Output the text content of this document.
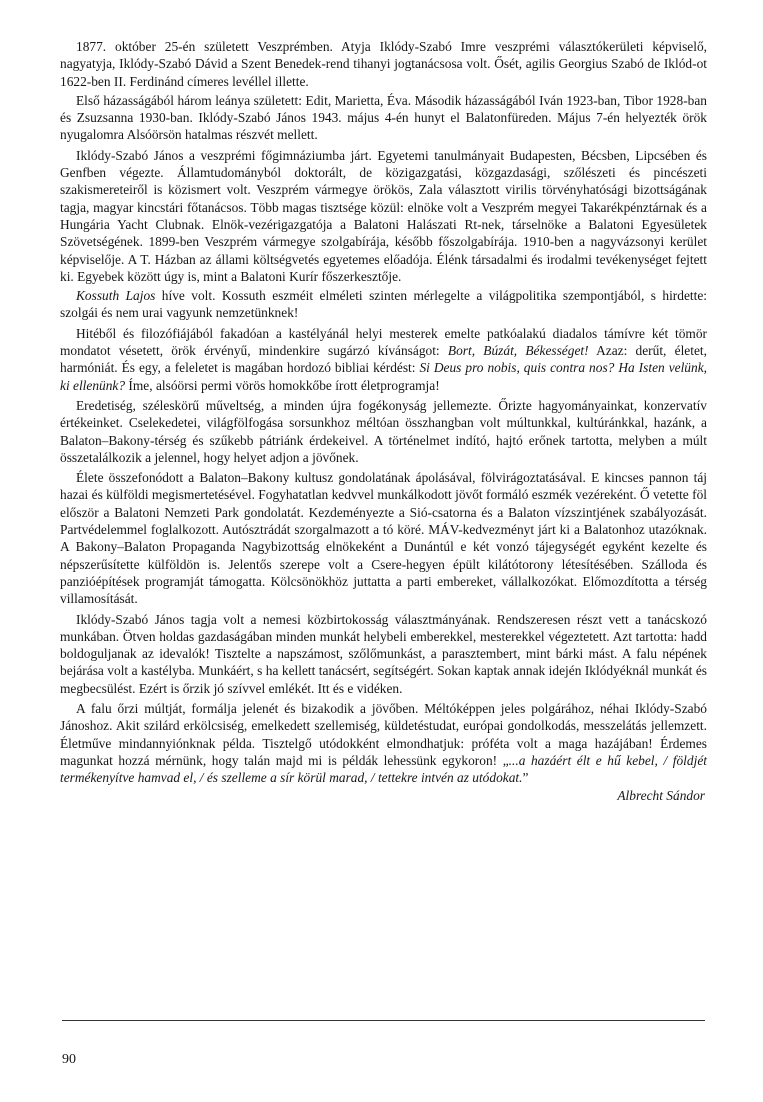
1877. október 25-én született Veszprémben. Atyja Iklódy-Szabó Imre veszprémi választókerületi képviselő, nagyatyja, Iklódy-Szabó Dávid a Szent Benedek-rend tihanyi jogtanácsosa volt. Ősét, agilis Georgius Szabó de Iklód-ot 1622-ben II. Ferdinánd címeres levéllel illette.

Első házasságából három leánya született: Edit, Marietta, Éva. Második házasságából Iván 1923-ban, Tibor 1928-ban és Zsuzsanna 1930-ban. Iklódy-Szabó János 1943. május 4-én hunyt el Balatonfüreden. Május 7-én helyezték örök nyugalomra Alsóörsön hatalmas részvét mellett.

Iklódy-Szabó János a veszprémi főgimnáziumba járt. Egyetemi tanulmányait Budapesten, Bécsben, Lipcsében és Genfben végezte. Államtudományból doktorált, de közigazgatási, közgazdasági, szőlészeti és pincészeti szakismereteiről is közismert volt. Veszprém vármegye örökös, Zala választott virilis törvényhatósági bizottságának tagja, magyar kincstári főtanácsos. Több magas tisztsége közül: elnöke volt a Veszprém megyei Takarékpénztárnak és a Hungária Yacht Clubnak. Elnök-vezérigazgatója a Balatoni Halászati Rt-nek, társelnöke a Balatoni Egyesületek Szövetségének. 1899-ben Veszprém vármegye szolgabírája, később főszolgabírája. 1910-ben a nagyvázsonyi kerület képviselője. A T. Házban az állami költségvetés egyetemes előadója. Élénk társadalmi és irodalmi tevékenységet fejtett ki. Egyebek között úgy is, mint a Balatoni Kurír főszerkesztője.

Kossuth Lajos híve volt. Kossuth eszméit elméleti szinten mérlegelte a világpolitika szempontjából, s hirdette: szolgái és nem urai vagyunk nemzetünknek!

Hitéből és filozófiájából fakadóan a kastélyánál helyi mesterek emelte patkóalakú diadalos támívre két tömör mondatot vésetett, örök érvényű, mindenkire sugárzó kívánságot: Bort, Búzát, Békességet! Azaz: derűt, életet, harmóniát. És egy, a feleletet is magában hordozó bibliai kérdést: Si Deus pro nobis, quis contra nos? Ha Isten velünk, ki ellenünk? Íme, alsóörsi permi vörös homokkőbe írott életprogramja!

Eredetiség, széleskörű műveltség, a minden újra fogékonyság jellemezte. Őrizte hagyományainkat, konzervatív értékeinket. Cselekedetei, világfölfogása sorsunkhoz méltóan összhangban volt múltunkkal, kultúránkkal, hazánk, a Balaton–Bakony-térség és szűkebb pátriánk érdekeivel. A történelmet indító, hajtó erőnek tartotta, melyben a múlt összetalálkozik a jelennel, hogy helyet adjon a jövőnek.

Élete összefonódott a Balaton–Bakony kultusz gondolatának ápolásával, fölvirágoztatásával. E kincses pannon táj hazai és külföldi megismertetésével. Fogyhatatlan kedvvel munkálkodott jövőt formáló eszmék vezéreként. Ő vetette föl először a Balatoni Nemzeti Park gondolatát. Kezdeményezte a Sió-csatorna és a Balaton vízszintjének szabályozását. Partvédelemmel foglalkozott. Autósztrádát szorgalmazott a tó köré. MÁV-kedvezményt járt ki a Balatonhoz utazóknak. A Bakony–Balaton Propaganda Nagybizottság elnökeként a Dunántúl e két vonzó tájegységét egyként kezelte és népszerűsítette külföldön is. Jelentős szerepe volt a Csere-hegyen épült kilátótorony létesítésében. Szálloda és panzióépítések programját támogatta. Kölcsönökhöz juttatta a parti embereket, vállalkozókat. Előmozdította a térség villamosítását.

Iklódy-Szabó János tagja volt a nemesi közbirtokosság választmányának. Rendszeresen részt vett a tanácskozó munkában. Ötven holdas gazdaságában minden munkát helybeli emberekkel, mesterekkel végeztetett. Azt tartotta: hadd boldoguljanak az idevalók! Tisztelte a napszámost, szőlőmunkást, a parasztembert, mint bárki mást. A falu népének bejárása volt a kastélyba. Munkáért, s ha kellett tanácsért, segítségért. Sokan kaptak annak idején Iklódyéknál munkát és megbecsülést. Ezért is őrzik jó szívvel emlékét. Itt és e vidéken.

A falu őrzi múltját, formálja jelenét és bizakodik a jövőben. Méltóképpen jeles polgárához, néhai Iklódy-Szabó Jánoshoz. Akit szilárd erkölcsiség, emelkedett szellemiség, küldetéstudat, európai gondolkodás, messzelátás jellemzett. Életműve mindannyiónknak példa. Tisztelgő utódokként elmondhatjuk: prófétа volt a maga hazájában! Érdemes magunkat hozzá mérnünk, hogy talán majd mi is példák lehessünk egykoron! „...a hazáért élt e hű kebel, / földjét termékenyítve hamvad el, / és szelleme a sír körül marad, / tettekre intvén az utódokat.”

Albrecht Sándor
90
